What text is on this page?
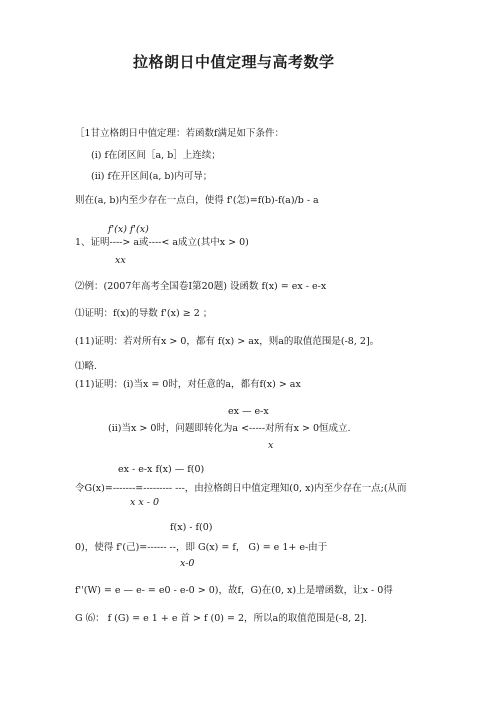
拉格朗日中值定理与高考数学
［1甘立格朗日中值定理：若函数f满足如下条件：
(i) f在闭区间［a, b］上连续；
(ii) f在开区间(a, b)内可导；
则在(a, b)内至少存在一点白，使得 f'(怎)=f(b)-f(a)/b - a
f'(x) f'(x)
1、证明----> a或----< a成立(其中x > 0)
xx
⑵例：(2007年高考全国卷I第20题) 设函数 f(x) = ex - e-x
⑴证明：f(x)的导数 f'(x) ≥ 2 ；
(11)证明：若对所有x > 0，都有 f(x) > ax，则a的取值范围是(-8, 2]。
⑴略.
(11)证明：(i)当x = 0时，对任意的a，都有f(x) > ax
ex — e-x
(ii)当x > 0时，问题即转化为a <-----对所有x > 0恒成立.
x
ex - e-x f(x) — f(0)
令G(x)=-------=--------- ---，由拉格朗日中值定理知(0, x)内至少存在一点;(从而
x x - 0
f(x) - f(0)
0)，使得 f'(己)=------ --，即 G(x) = f， G) = e 1+ e-由于
x-0
f''(W) = e — e- = e0 - e-0 > 0)，故f，G)在(0, x)上是增函数，让x - 0得
G ⑹： f (G) = e 1 + e 首 > f (0) = 2，所以a的取值范围是(-8, 2].
